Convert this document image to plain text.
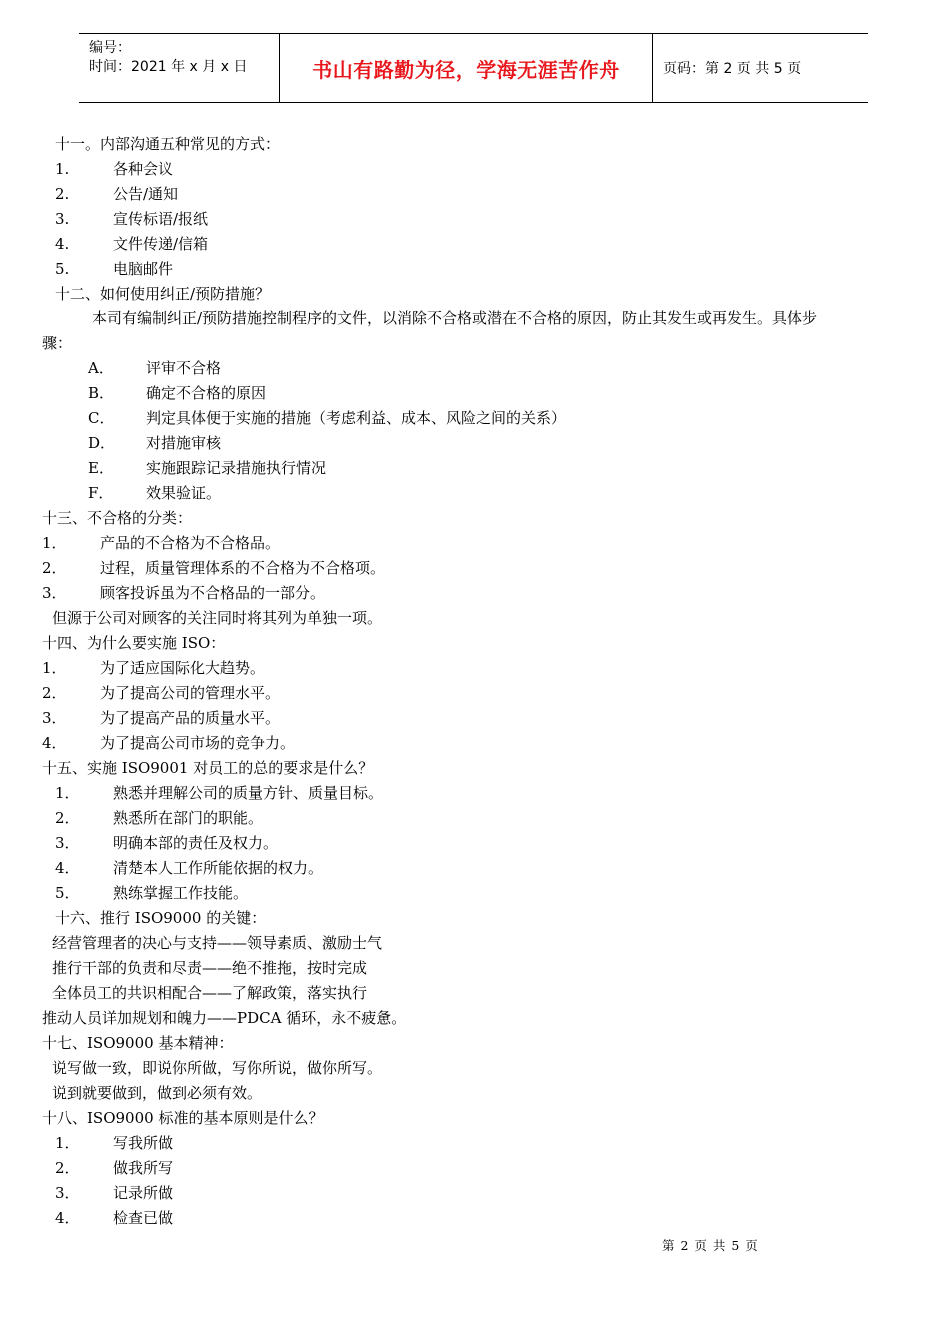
编号：
时间：2021 年 x 月 x 日	书山有路勤为径，学海无涯苦作舟	页码：第 2 页 共 5 页
十一。内部沟通五种常见的方式：
1.	各种会议
2.	公告/通知
3.	宣传标语/报纸
4.	文件传递/信箱
5.	电脑邮件
十二、如何使用纠正/预防措施？
本司有编制纠正/预防措施控制程序的文件，以消除不合格或潜在不合格的原因，防止其发生或再发生。具体步
骤：
A． 评审不合格
B． 确定不合格的原因
C． 判定具体便于实施的措施（考虑利益、成本、风险之间的关系）
D． 对措施审核
E． 实施跟踪记录措施执行情况
F． 效果验证。
十三、不合格的分类：
1． 产品的不合格为不合格品。
2． 过程，质量管理体系的不合格为不合格项。
3． 顾客投诉虽为不合格品的一部分。
但源于公司对顾客的关注同时将其列为单独一项。
十四、为什么要实施 ISO：
1． 为了适应国际化大趋势。
2． 为了提高公司的管理水平。
3． 为了提高产品的质量水平。
4． 为了提高公司市场的竞争力。
十五、实施 ISO9001 对员工的总的要求是什么？
1． 熟悉并理解公司的质量方针、质量目标。
2． 熟悉所在部门的职能。
3． 明确本部的责任及权力。
4． 清楚本人工作所能依据的权力。
5． 熟练掌握工作技能。
十六、推行 ISO9000 的关键：
经营管理者的决心与支持——领导素质、激励士气
推行干部的负责和尽责——绝不推拖，按时完成
全体员工的共识相配合——了解政策，落实执行
推动人员详加规划和魄力——PDCA 循环，永不疲惫。
十七、ISO9000 基本精神：
说写做一致，即说你所做，写你所说，做你所写。
说到就要做到，做到必须有效。
十八、ISO9000 标准的基本原则是什么？
1． 写我所做
2． 做我所写
3． 记录所做
4． 检查已做
第 2 页 共 5 页
